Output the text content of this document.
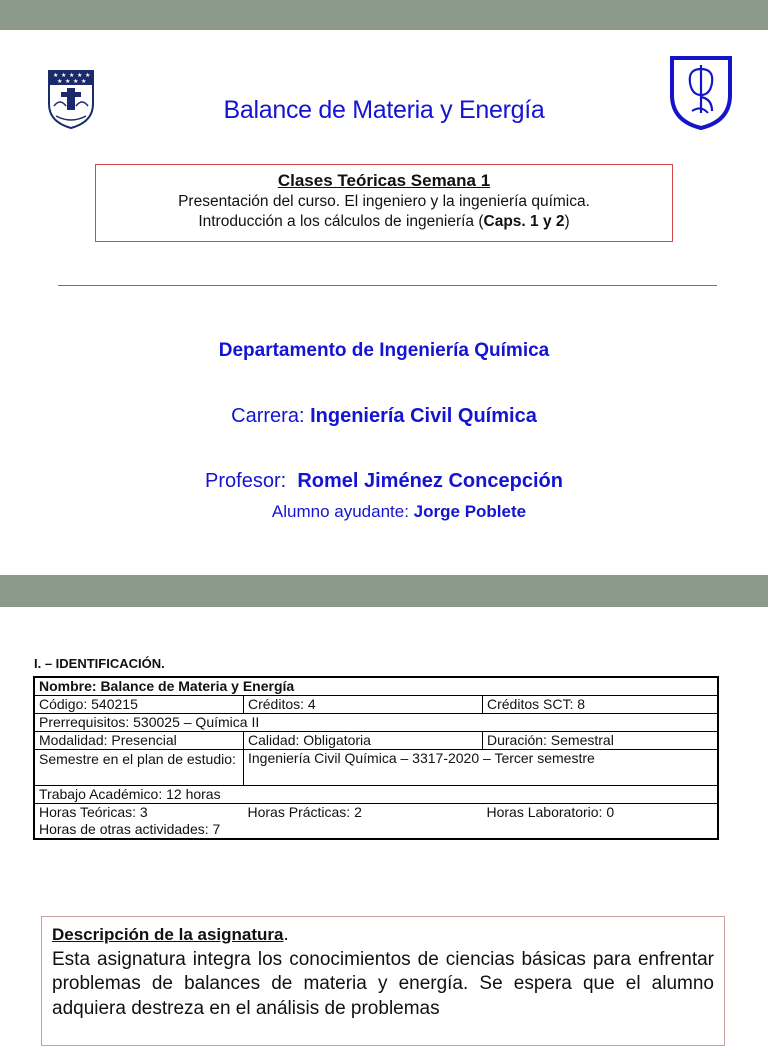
★ ★ ★ ★ ★
★ ★ ★ ★
Balance de Materia y Energía
Clases Teóricas Semana 1
Presentación del curso. El ingeniero y la ingeniería química.
Introducción a los cálculos de ingeniería (Caps. 1 y 2)
Departamento de Ingeniería Química
Carrera: Ingeniería Civil Química
Profesor:  Romel Jiménez Concepción
Alumno ayudante: Jorge Poblete
I. – IDENTIFICACIÓN.
Nombre: Balance de Materia y Energía		
Código: 540215	Créditos: 4	Créditos SCT: 8
Prerrequisitos: 530025 – Química II		
Modalidad: Presencial	Calidad: Obligatoria	Duración: Semestral
Semestre en el plan de estudio:	Ingeniería Civil Química – 3317-2020 – Tercer semestre	
Trabajo Académico: 12 horas		
Horas Teóricas: 3	Horas Prácticas: 2	Horas Laboratorio: 0
Horas de otras actividades: 7		
Descripción de la asignatura.
Esta asignatura integra los conocimientos de ciencias básicas para enfrentar problemas de balances de materia y energía. Se espera que el alumno adquiera destreza en el análisis de problemas
